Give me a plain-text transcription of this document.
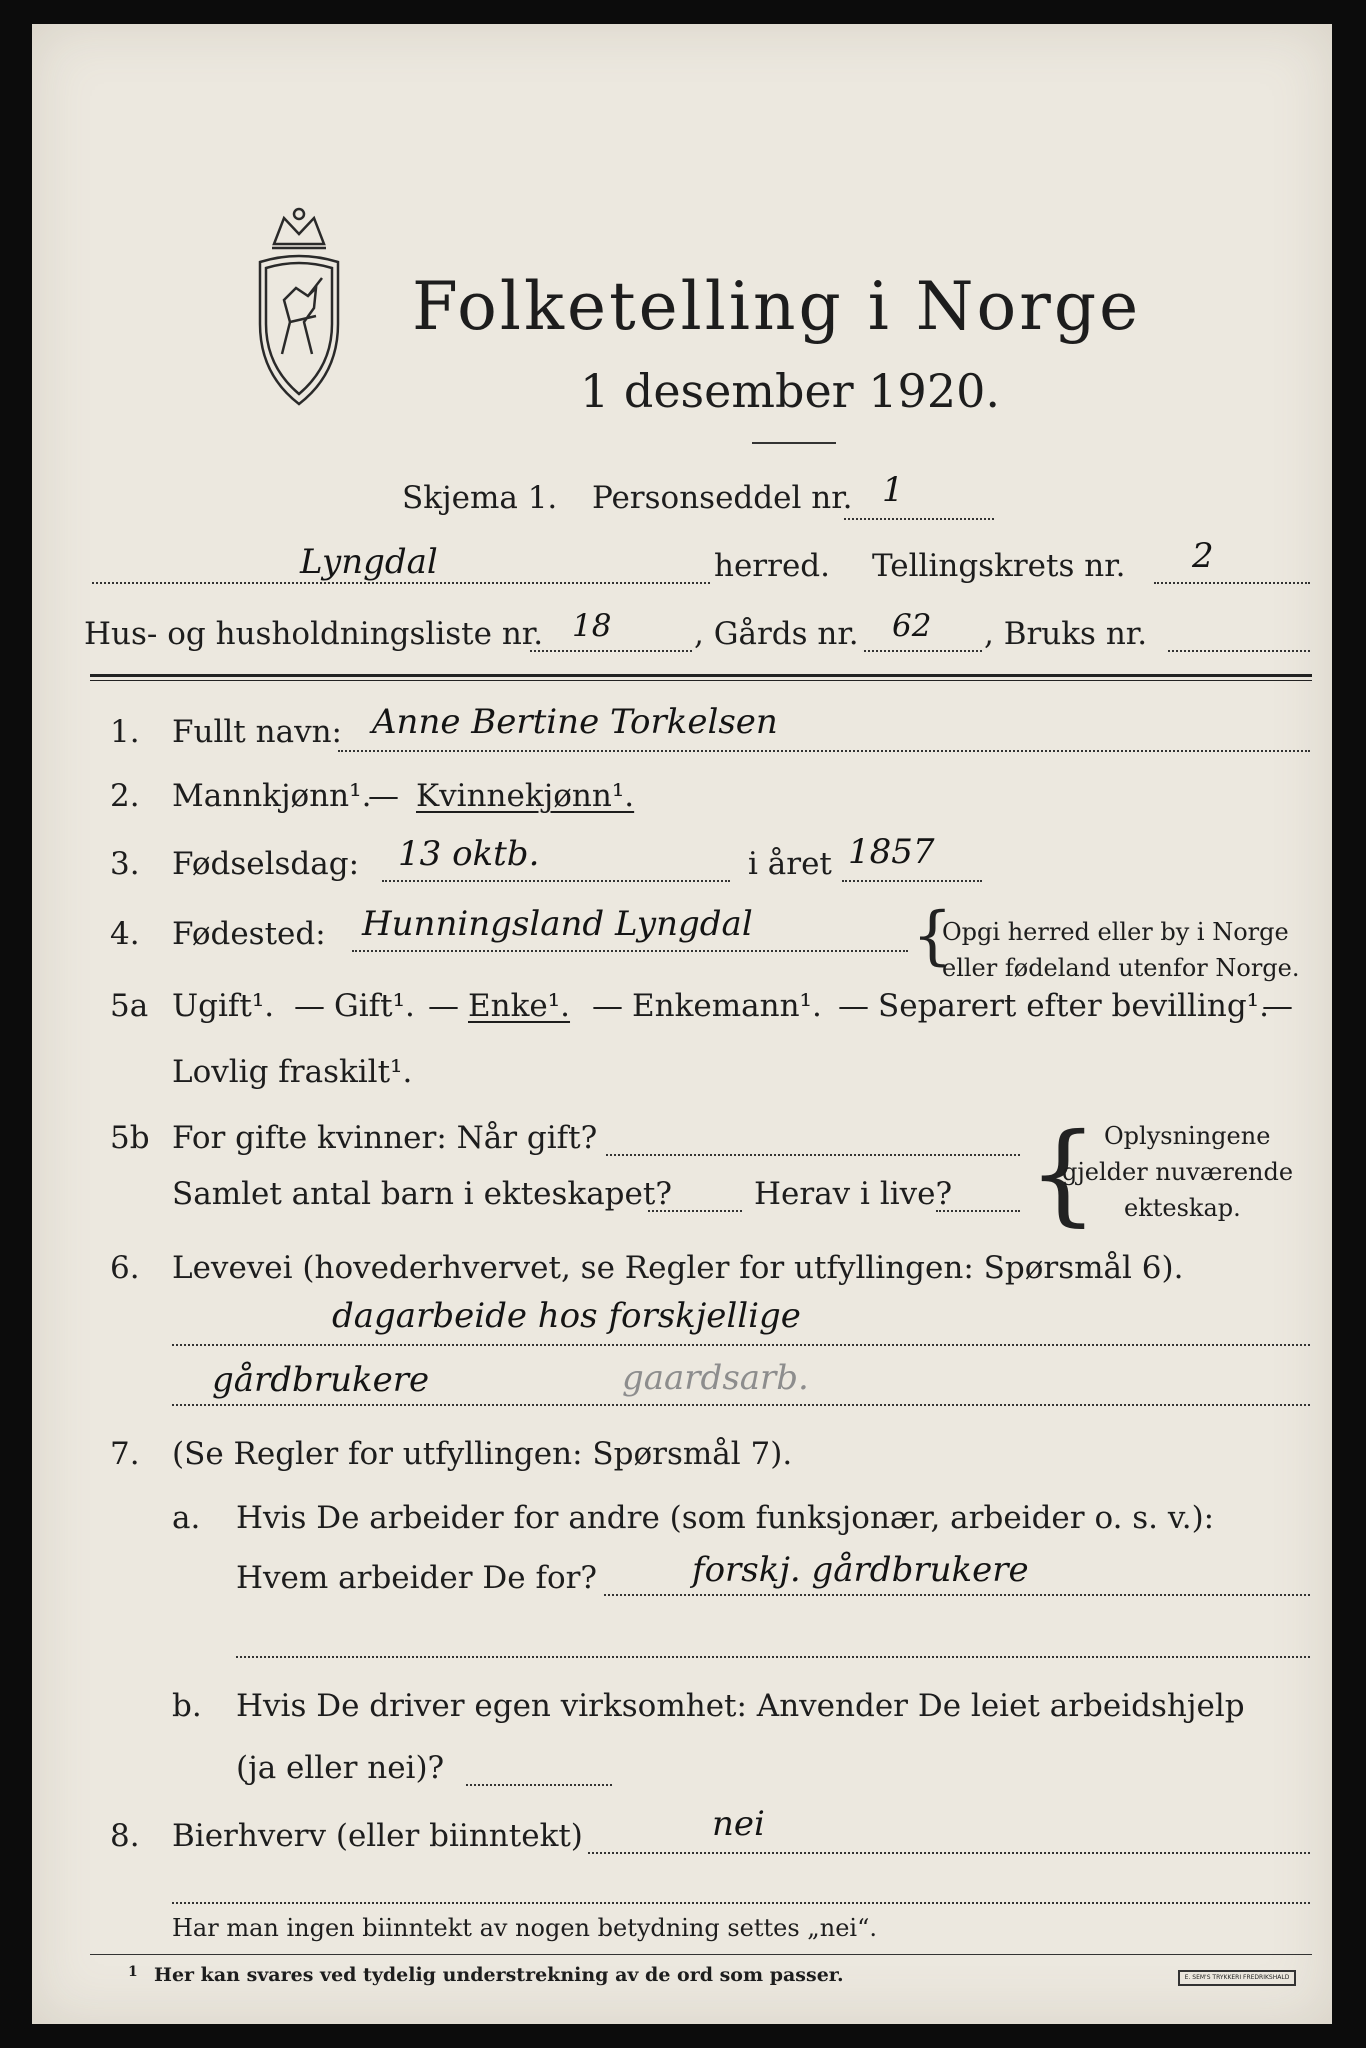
Folketelling i Norge
1 desember 1920.
Skjema 1. Personseddel nr. 1
Lyngdal	herred. Tellingskrets nr. 2
Hus- og husholdningsliste nr. 18	, Gårds nr. 62 , Bruks nr.
1. Fullt navn: Anne Bertine Torkelsen
2. Mannkjønn¹.
— Kvinnekjønn¹.
3. Fødselsdag: 13 oktb.	i året 1857
4. Fødested: Hunningsland Lyngdal {
Opgi herred eller by i Norge
eller fødeland utenfor Norge.
5a Ugift¹. — Gift¹. — Enke¹. — Enkemann¹. — Separert efter bevilling¹.
—
Lovlig fraskilt¹.
5b For gifte kvinner: Når gift?
Samlet antal barn i ekteskapet?	Herav i live? { Oplysningene
gjelder nuværende
ekteskap.
6. Levevei (hovederhvervet, se Regler for utfyllingen: Spørsmål 6).
dagarbeide hos forskjellige
gårdbrukere	gaardsarb.
7. (Se Regler for utfyllingen: Spørsmål 7).
a. Hvis De arbeider for andre (som funksjonær, arbeider o. s. v.):
Hvem arbeider De for?	forskj. gårdbrukere
b. Hvis De driver egen virksomhet: Anvender De leiet arbeidshjelp
(ja eller nei)?
8. Bierhverv (eller biinntekt)	nei
Har man ingen biinntekt av nogen betydning settes „nei“.
1 Her kan svares ved tydelig understrekning av de ord som passer.	E. SEM'S TRYKKERI FREDRIKSHALD
